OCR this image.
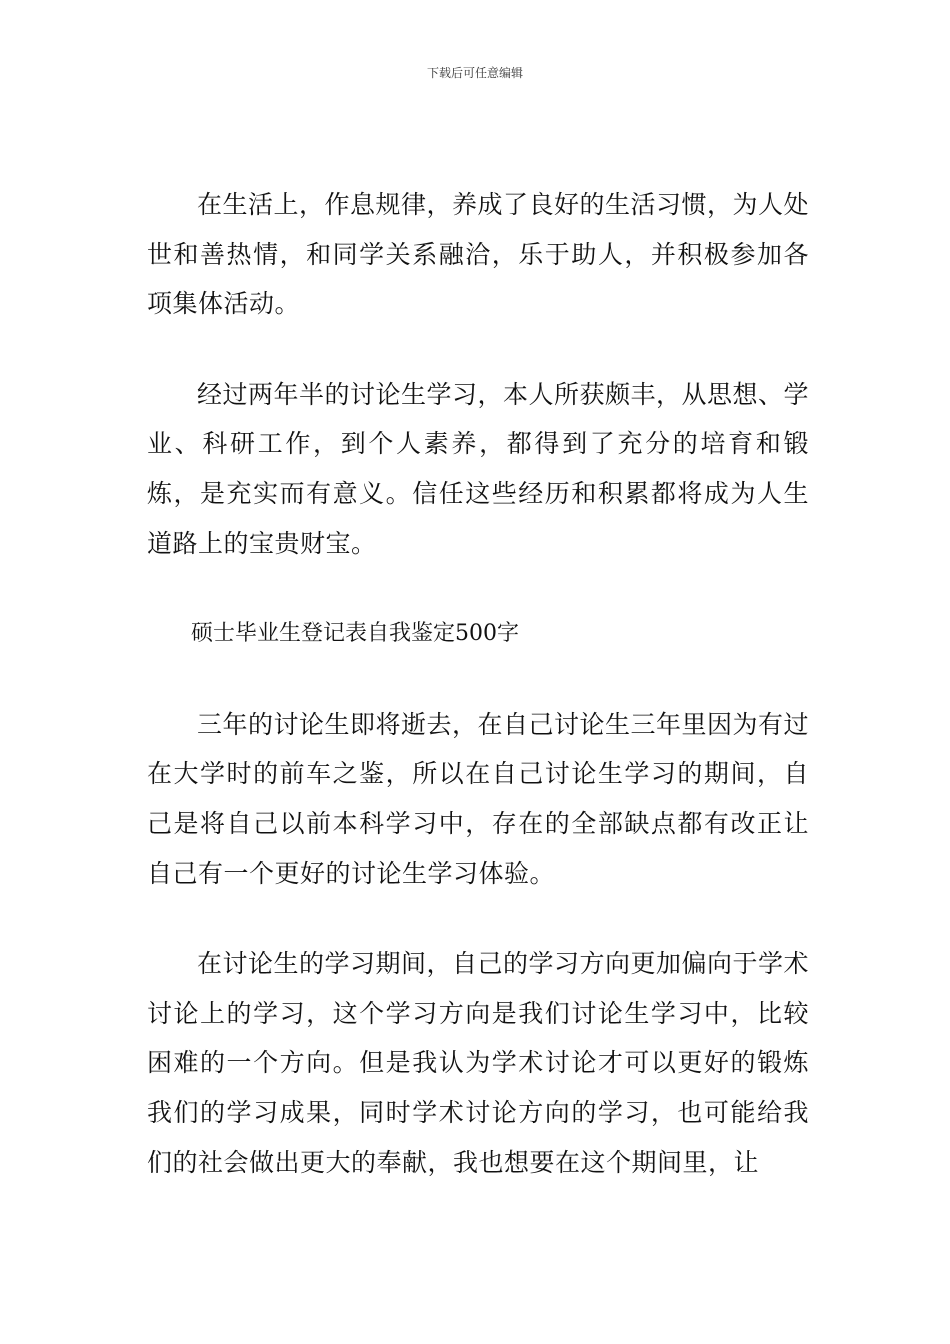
下载后可任意编辑

在生活上，作息规律，养成了良好的生活习惯，为人处世和善热情，和同学关系融洽，乐于助人，并积极参加各项集体活动。

经过两年半的讨论生学习，本人所获颇丰，从思想、学业、科研工作，到个人素养，都得到了充分的培育和锻炼，是充实而有意义。信任这些经历和积累都将成为人生道路上的宝贵财宝。

硕士毕业生登记表自我鉴定500字

三年的讨论生即将逝去，在自己讨论生三年里因为有过在大学时的前车之鉴，所以在自己讨论生学习的期间，自己是将自己以前本科学习中，存在的全部缺点都有改正让自己有一个更好的讨论生学习体验。

在讨论生的学习期间，自己的学习方向更加偏向于学术讨论上的学习，这个学习方向是我们讨论生学习中，比较困难的一个方向。但是我认为学术讨论才可以更好的锻炼我们的学习成果，同时学术讨论方向的学习，也可能给我们的社会做出更大的奉献，我也想要在这个期间里，让
